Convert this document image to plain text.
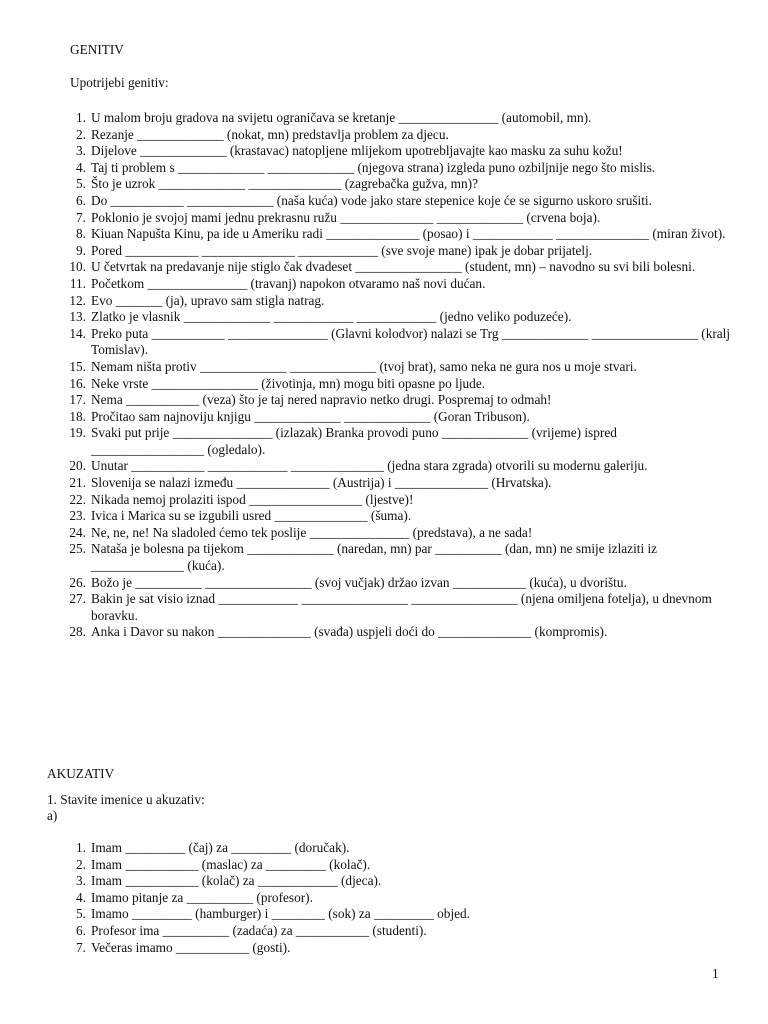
GENITIV
Upotrijebi genitiv:
1. U malom broju gradova na svijetu ograničava se kretanje _______________ (automobil, mn).
2. Rezanje _____________ (nokat, mn) predstavlja problem za djecu.
3. Dijelove _____________ (krastavac) natopljene mlijekom upotrebljavajte kao masku za suhu kožu!
4. Taj ti problem s _____________ _____________ (njegova strana) izgleda puno ozbiljnije nego što mislis.
5. Što je uzrok _____________ ______________ (zagrebačka gužva, mn)?
6. Do ___________ _____________ (naša kuća) vode jako stare stepenice koje će se sigurno uskoro srušiti.
7. Poklonio je svojoj mami jednu prekrasnu ružu ______________ _____________ (crvena boja).
8. Kiuan Napušta Kinu, pa ide u Ameriku radi ______________ (posao) i ____________ ______________ (miran život).
9. Pored ___________ ______________ ____________ (sve svoje mane) ipak je dobar prijatelj.
10. U četvrtak na predavanje nije stiglo čak dvadeset ________________ (student, mn) – navodno su svi bili bolesni.
11. Početkom _______________ (travanj) napokon otvaramo naš novi dućan.
12. Evo _______ (ja), upravo sam stigla natrag.
13. Zlatko je vlasnik _____________ ____________ ____________ (jedno veliko poduzeće).
14. Preko puta ___________ _______________ (Glavni kolodvor) nalazi se Trg _____________ ________________ (kralj Tomislav).
15. Nemam ništa protiv _____________ _____________ (tvoj brat), samo neka ne gura nos u moje stvari.
16. Neke vrste ________________ (životinja, mn) mogu biti opasne po ljude.
17. Nema ___________ (veza) što je taj nered napravio netko drugi. Pospremaj to odmah!
18. Pročitao sam najnoviju knjigu _____________ _____________ (Goran Tribuson).
19. Svaki put prije _______________ (izlazak) Branka provodi puno _____________ (vrijeme) ispred _________________ (ogledalo).
20. Unutar ___________ ____________ ______________ (jedna stara zgrada) otvorili su modernu galeriju.
21. Slovenija se nalazi između ______________ (Austrija) i ______________ (Hrvatska).
22. Nikada nemoj prolaziti ispod _________________ (ljestve)!
23. Ivica i Marica su se izgubili usred ______________ (šuma).
24. Ne, ne, ne! Na sladoled ćemo tek poslije _______________ (predstava), a ne sada!
25. Nataša je bolesna pa tijekom _____________ (naredan, mn) par __________ (dan, mn) ne smije izlaziti iz ______________ (kuća).
26. Božo je __________ ________________ (svoj vučjak) držao izvan ___________ (kuća), u dvorištu.
27. Bakin je sat visio iznad ____________ ________________ ________________ (njena omiljena fotelja), u dnevnom boravku.
28. Anka i Davor su nakon ______________ (svađa) uspjeli doći do ______________ (kompromis).
AKUZATIV
1. Stavite imenice u akuzativ:
a)
1. Imam _________ (čaj) za _________ (doručak).
2. Imam ___________ (maslac) za _________ (kolač).
3. Imam ___________ (kolač) za ____________ (djeca).
4. Imamo pitanje za __________ (profesor).
5. Imamo _________ (hamburger) i ________ (sok) za _________ objed.
6. Profesor ima __________ (zadaća) za ___________ (studenti).
7. Večeras imamo ___________ (gosti).
1
